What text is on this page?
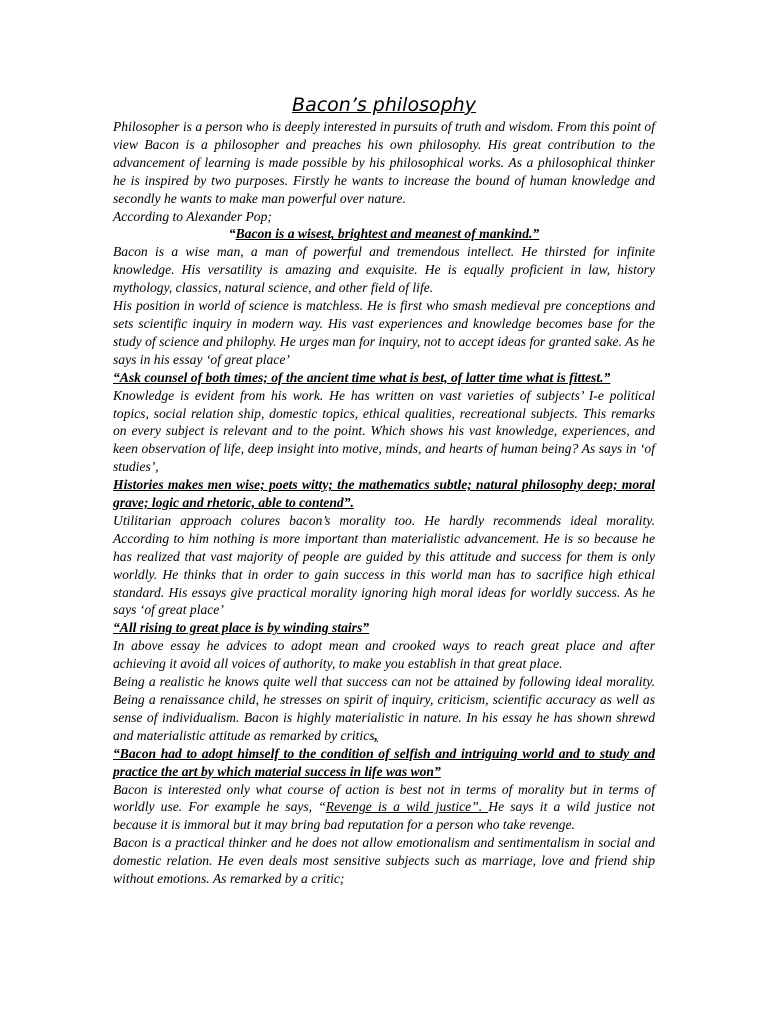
Bacon’s philosophy

Philosopher is a person who is deeply interested in pursuits of truth and wisdom. From this point of view Bacon is a philosopher and preaches his own philosophy. His great contribution to the advancement of learning is made possible by his philosophical works. As a philosophical thinker he is inspired by two purposes. Firstly he wants to increase the bound of human knowledge and secondly he wants to make man powerful over nature.

According to Alexander Pop;

“Bacon is a wisest, brightest and meanest of mankind.”

Bacon is a wise man, a man of powerful and tremendous intellect. He thirsted for infinite knowledge. His versatility is amazing and exquisite. He is equally proficient in law, history mythology, classics, natural science, and other field of life.

His position in world of science is matchless. He is first who smash medieval pre conceptions and sets scientific inquiry in modern way. His vast experiences and knowledge becomes base for the study of science and philophy. He urges man for inquiry, not to accept ideas for granted sake. As he says in his essay ‘of great place’

“Ask counsel of both times; of the ancient time what is best, of latter time what is fittest.”

Knowledge is evident from his work. He has written on vast varieties of subjects’ I-e political topics, social relation ship, domestic topics, ethical qualities, recreational subjects. This remarks on every subject is relevant and to the point. Which shows his vast knowledge, experiences, and keen observation of life, deep insight into motive, minds, and hearts of human being? As says in ‘of studies’,

Histories makes men wise; poets witty; the mathematics subtle; natural philosophy deep; moral grave; logic and rhetoric, able to contend”.

Utilitarian approach colures bacon’s morality too. He hardly recommends ideal morality. According to him nothing is more important than materialistic advancement. He is so because he has realized that vast majority of people are guided by this attitude and success for them is only worldly. He thinks that in order to gain success in this world man has to sacrifice high ethical standard. His essays give practical morality ignoring high moral ideas for worldly success. As he says ‘of great place’

“All rising to great place is by winding stairs”

In above essay he advices to adopt mean and crooked ways to reach great place and after achieving it avoid all voices of authority, to make you establish in that great place.

Being a realistic he knows quite well that success can not be attained by following ideal morality. Being a renaissance child, he stresses on spirit of inquiry, criticism, scientific accuracy as well as sense of individualism. Bacon is highly materialistic in nature. In his essay he has shown shrewd and materialistic attitude as remarked by critics,

“Bacon had to adopt himself to the condition of selfish and intriguing world and to study and practice the art by which material success in life was won”

Bacon is interested only what course of action is best not in terms of morality but in terms of worldly use. For example he says, “Revenge is a wild justice”. He says it a wild justice not because it is immoral but it may bring bad reputation for a person who take revenge.

Bacon is a practical thinker and he does not allow emotionalism and sentimentalism in social and domestic relation. He even deals most sensitive subjects such as marriage, love and friend ship without emotions. As remarked by a critic;
